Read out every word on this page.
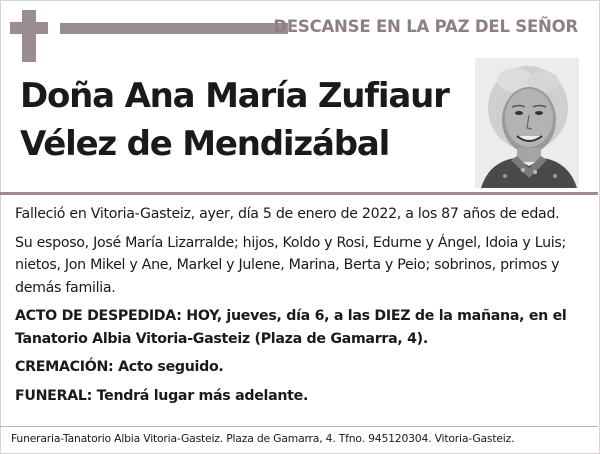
DESCANSE EN LA PAZ DEL SEÑOR
Doña Ana María Zufiaur
Vélez de Mendizábal

Falleció en Vitoria-Gasteiz, ayer, día 5 de enero de 2022, a los 87 años de edad.

Su esposo, José María Lizarralde; hijos, Koldo y Rosi, Edurne y Ángel, Idoia y Luis; nietos, Jon Mikel y Ane, Markel y Julene, Marina, Berta y Peio; sobrinos, primos y demás familia.

ACTO DE DESPEDIDA: HOY, jueves, día 6, a las DIEZ de la mañana, en el Tanatorio Albia Vitoria-Gasteiz (Plaza de Gamarra, 4).

CREMACIÓN: Acto seguido.

FUNERAL: Tendrá lugar más adelante.

Funeraria-Tanatorio Albia Vitoria-Gasteiz. Plaza de Gamarra, 4. Tfno. 945120304. Vitoria-Gasteiz.
